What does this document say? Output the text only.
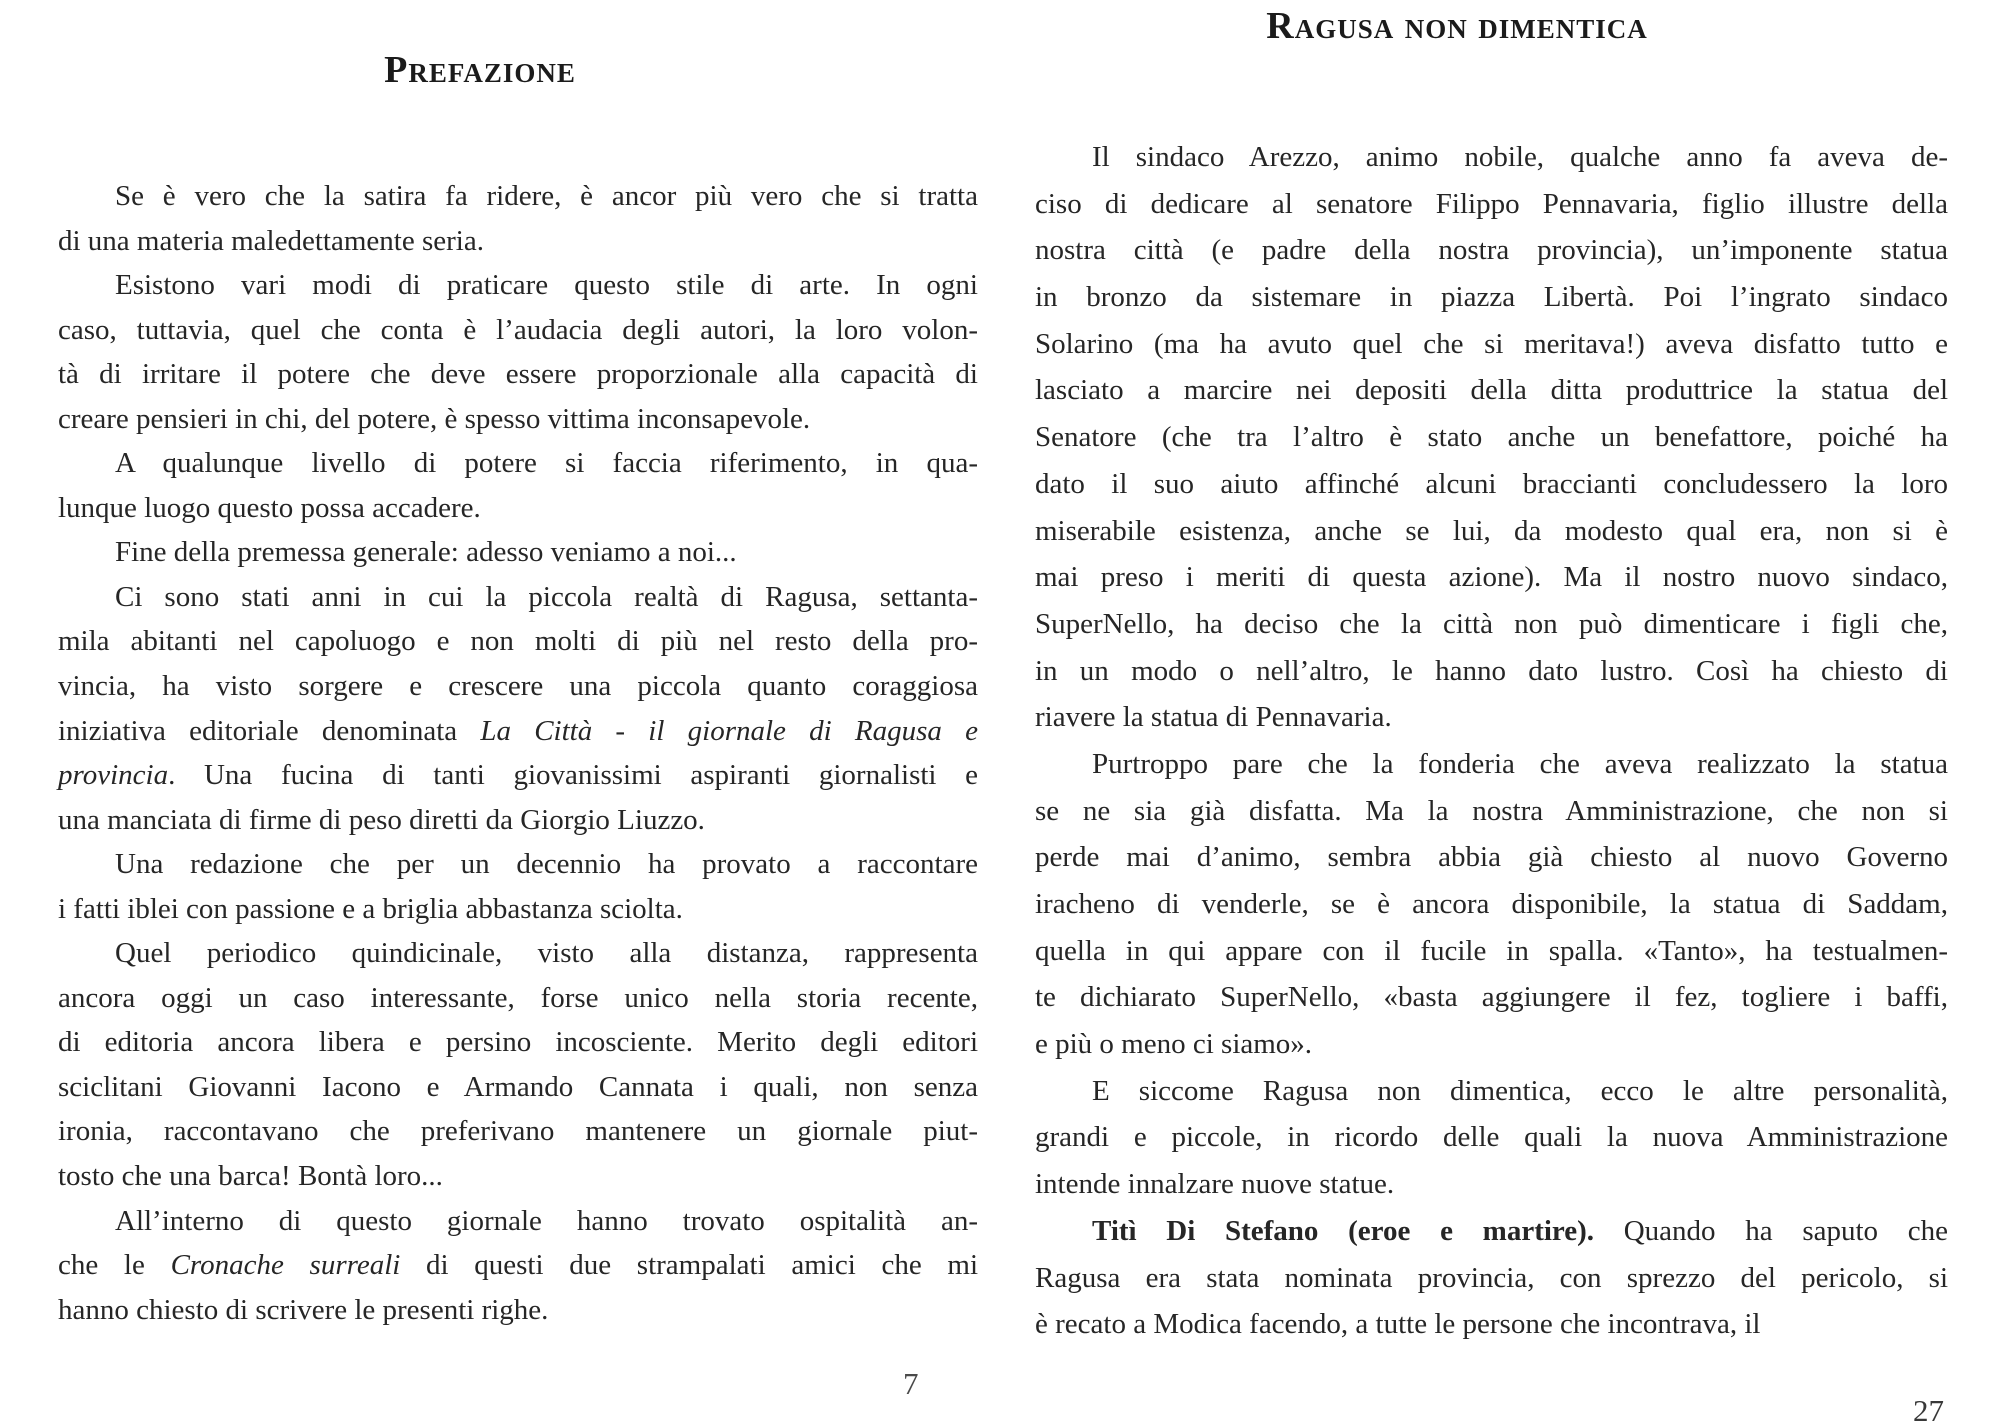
Prefazione
Se è vero che la satira fa ridere, è ancor più vero che si tratta
di una materia maledettamente seria.
Esistono vari modi di praticare questo stile di arte. In ogni
caso, tuttavia, quel che conta è l’audacia degli autori, la loro volon-
tà di irritare il potere che deve essere proporzionale alla capacità di
creare pensieri in chi, del potere, è spesso vittima inconsapevole.
A qualunque livello di potere si faccia riferimento, in qua-
lunque luogo questo possa accadere.
Fine della premessa generale: adesso veniamo a noi...
Ci sono stati anni in cui la piccola realtà di Ragusa, settanta-
mila abitanti nel capoluogo e non molti di più nel resto della pro-
vincia, ha visto sorgere e crescere una piccola quanto coraggiosa
iniziativa editoriale denominata La Città - il giornale di Ragusa e
provincia. Una fucina di tanti giovanissimi aspiranti giornalisti e
una manciata di firme di peso diretti da Giorgio Liuzzo.
Una redazione che per un decennio ha provato a raccontare
i fatti iblei con passione e a briglia abbastanza sciolta.
Quel periodico quindicinale, visto alla distanza, rappresenta
ancora oggi un caso interessante, forse unico nella storia recente,
di editoria ancora libera e persino incosciente. Merito degli editori
sciclitani Giovanni Iacono e Armando Cannata i quali, non senza
ironia, raccontavano che preferivano mantenere un giornale piut-
tosto che una barca! Bontà loro...
All’interno di questo giornale hanno trovato ospitalità an-
che le Cronache surreali di questi due strampalati amici che mi
hanno chiesto di scrivere le presenti righe.
7
Ragusa non dimentica
Il sindaco Arezzo, animo nobile, qualche anno fa aveva de-
ciso di dedicare al senatore Filippo Pennavaria, figlio illustre della
nostra città (e padre della nostra provincia), un’imponente statua
in bronzo da sistemare in piazza Libertà. Poi l’ingrato sindaco
Solarino (ma ha avuto quel che si meritava!) aveva disfatto tutto e
lasciato a marcire nei depositi della ditta produttrice la statua del
Senatore (che tra l’altro è stato anche un benefattore, poiché ha
dato il suo aiuto affinché alcuni braccianti concludessero la loro
miserabile esistenza, anche se lui, da modesto qual era, non si è
mai preso i meriti di questa azione). Ma il nostro nuovo sindaco,
SuperNello, ha deciso che la città non può dimenticare i figli che,
in un modo o nell’altro, le hanno dato lustro. Così ha chiesto di
riavere la statua di Pennavaria.
Purtroppo pare che la fonderia che aveva realizzato la statua
se ne sia già disfatta. Ma la nostra Amministrazione, che non si
perde mai d’animo, sembra abbia già chiesto al nuovo Governo
iracheno di venderle, se è ancora disponibile, la statua di Saddam,
quella in qui appare con il fucile in spalla. «Tanto», ha testualmen-
te dichiarato SuperNello, «basta aggiungere il fez, togliere i baffi,
e più o meno ci siamo».
E siccome Ragusa non dimentica, ecco le altre personalità,
grandi e piccole, in ricordo delle quali la nuova Amministrazione
intende innalzare nuove statue.
Titì Di Stefano (eroe e martire). Quando ha saputo che
Ragusa era stata nominata provincia, con sprezzo del pericolo, si
è recato a Modica facendo, a tutte le persone che incontrava, il
27
